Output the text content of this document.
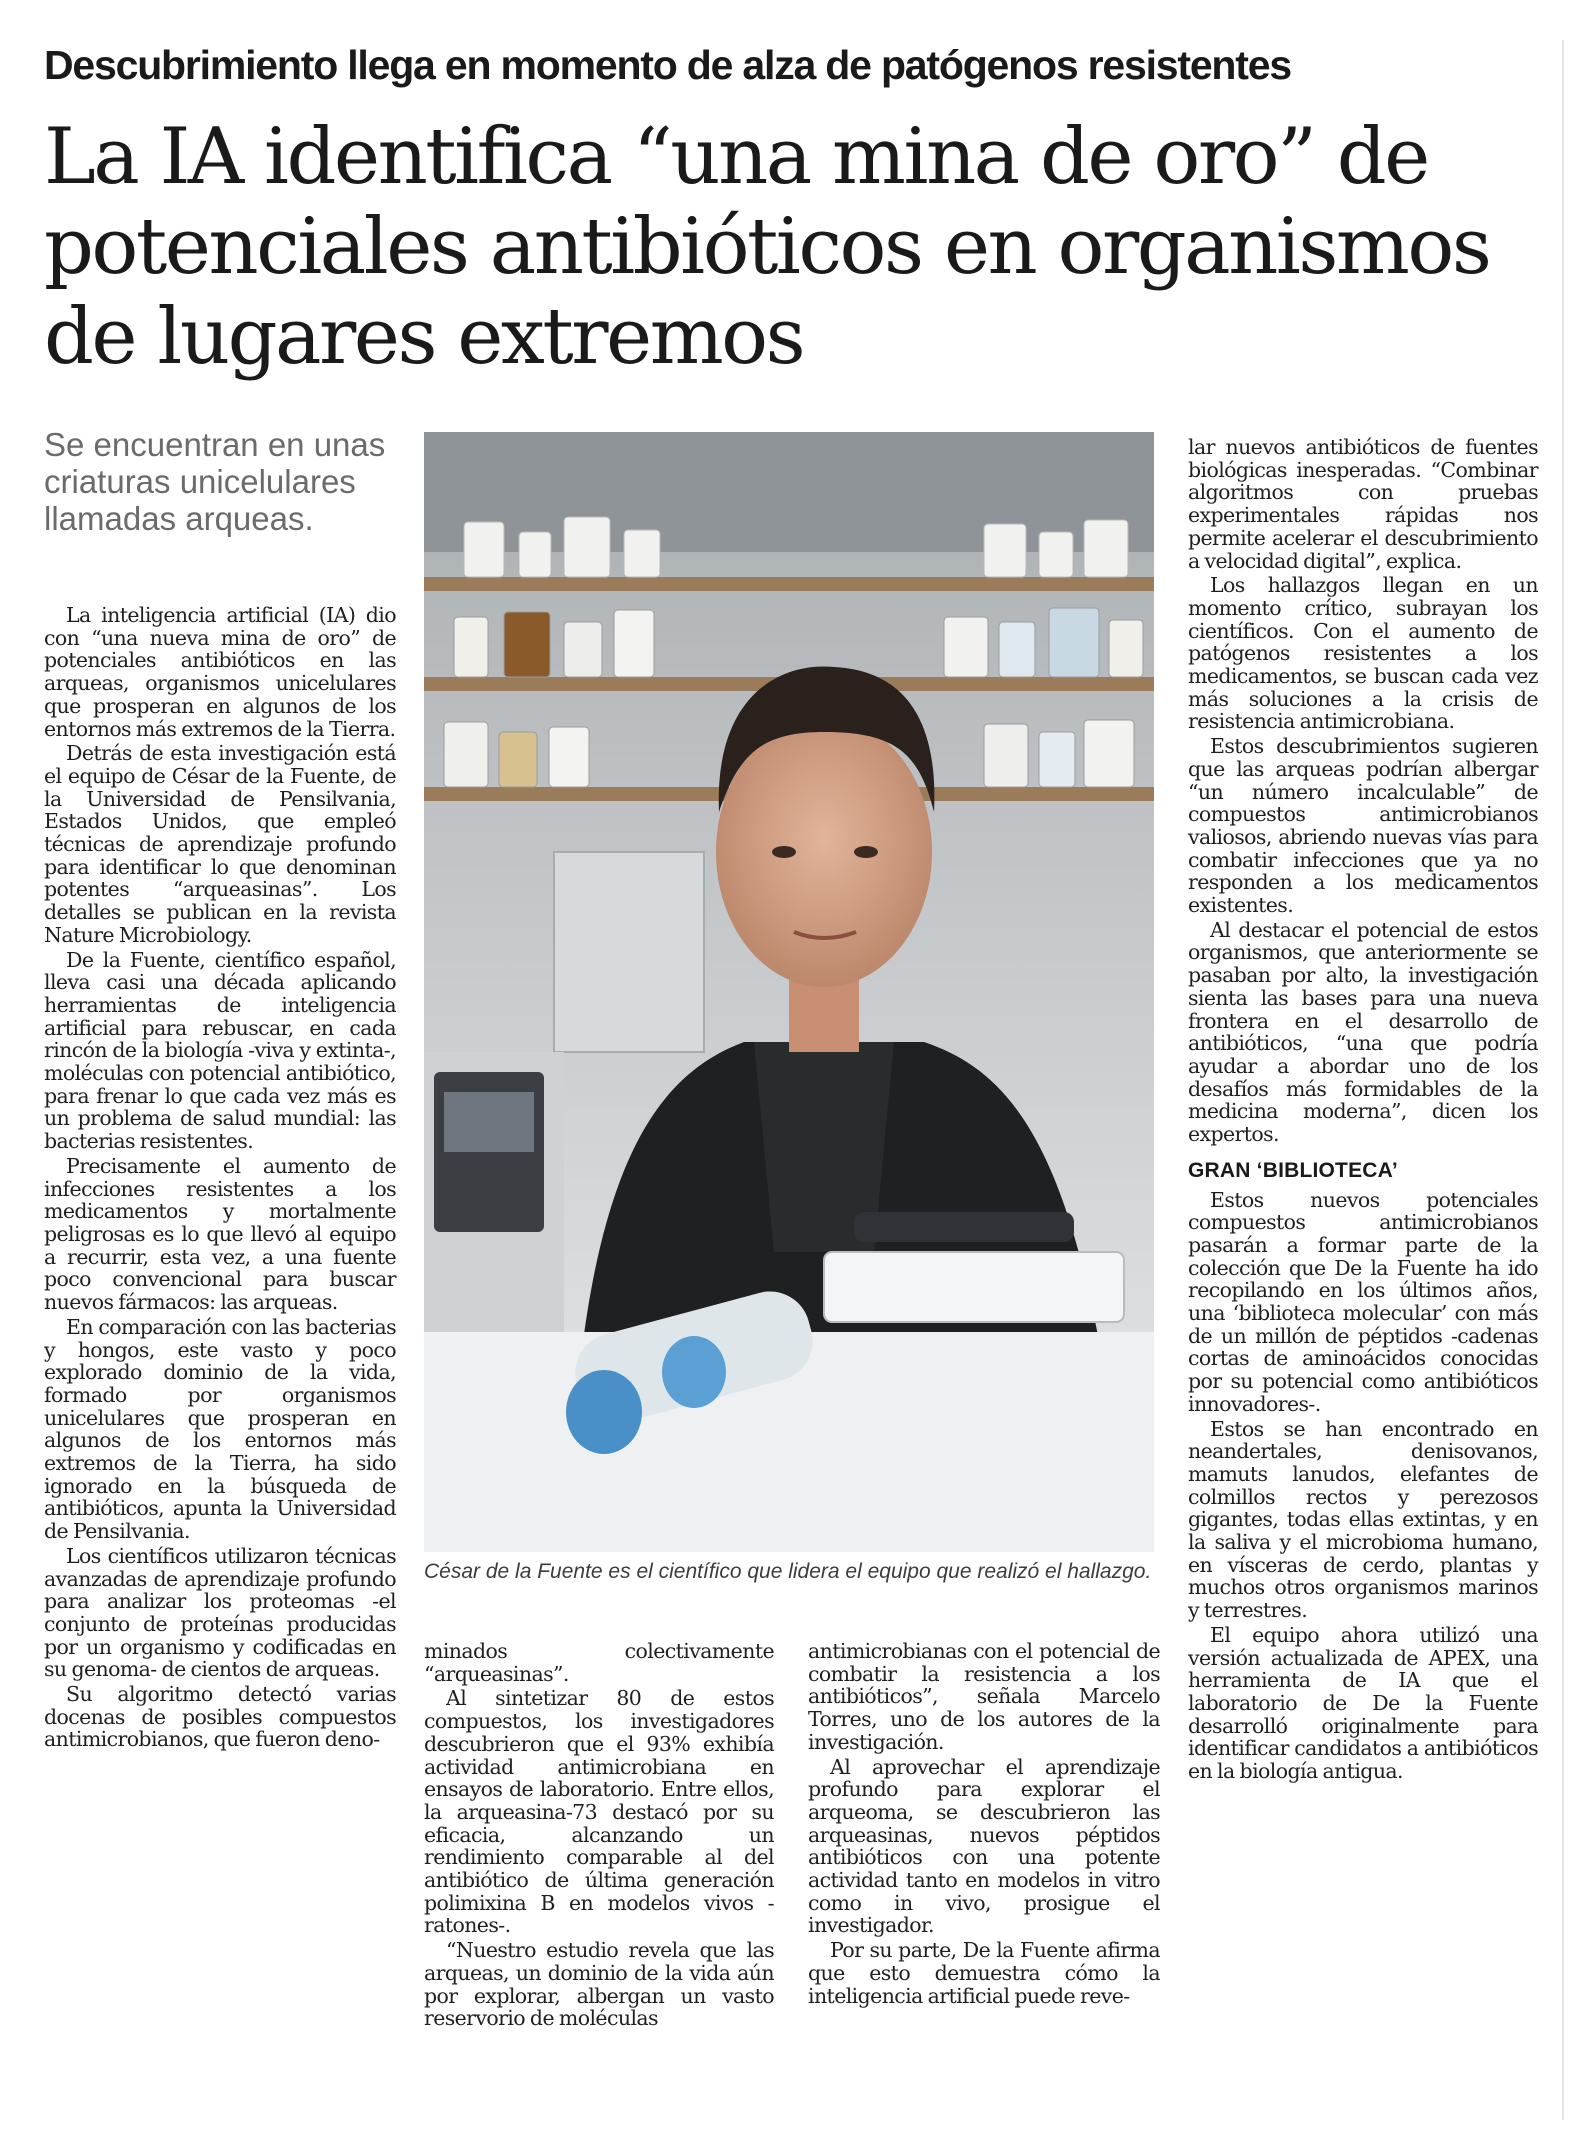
Descubrimiento llega en momento de alza de patógenos resistentes
La IA identifica “una mina de oro” de potenciales antibióticos en organismos de lugares extremos
Se encuentran en unas criaturas unicelulares llamadas arqueas.

La inteligencia artificial (IA) dio con “una nueva mina de oro” de potenciales antibióticos en las arqueas, organismos unicelulares que prosperan en algunos de los entornos más extremos de la Tierra.

Detrás de esta investigación está el equipo de César de la Fuente, de la Universidad de Pensilvania, Estados Unidos, que empleó técnicas de aprendizaje profundo para identificar lo que denominan potentes “arqueasinas”. Los detalles se publican en la revista Nature Microbiology.

De la Fuente, científico español, lleva casi una década aplicando herramientas de inteligencia artificial para rebuscar, en cada rincón de la biología -viva y extinta-, moléculas con potencial antibiótico, para frenar lo que cada vez más es un problema de salud mundial: las bacterias resistentes.

Precisamente el aumento de infecciones resistentes a los medicamentos y mortalmente peligrosas es lo que llevó al equipo a recurrir, esta vez, a una fuente poco convencional para buscar nuevos fármacos: las arqueas.

En comparación con las bacterias y hongos, este vasto y poco explorado dominio de la vida, formado por organismos unicelulares que prosperan en algunos de los entornos más extremos de la Tierra, ha sido ignorado en la búsqueda de antibióticos, apunta la Universidad de Pensilvania.

Los científicos utilizaron técnicas avanzadas de aprendizaje profundo para analizar los proteomas -el conjunto de proteínas producidas por un organismo y codificadas en su genoma- de cientos de arqueas.

Su algoritmo detectó varias docenas de posibles compuestos antimicrobianos, que fueron deno-

César de la Fuente es el científico que lidera el equipo que realizó el hallazgo.

minados colectivamente “arqueasinas”.

Al sintetizar 80 de estos compuestos, los investigadores descubrieron que el 93% exhibía actividad antimicrobiana en ensayos de laboratorio. Entre ellos, la arqueasina-73 destacó por su eficacia, alcanzando un rendimiento comparable al del antibiótico de última generación polimixina B en modelos vivos -ratones-.

“Nuestro estudio revela que las arqueas, un dominio de la vida aún por explorar, albergan un vasto reservorio de moléculas

antimicrobianas con el potencial de combatir la resistencia a los antibióticos”, señala Marcelo Torres, uno de los autores de la investigación.

Al aprovechar el aprendizaje profundo para explorar el arqueoma, se descubrieron las arqueasinas, nuevos péptidos antibióticos con una potente actividad tanto en modelos in vitro como in vivo, prosigue el investigador.

Por su parte, De la Fuente afirma que esto demuestra cómo la inteligencia artificial puede reve-

lar nuevos antibióticos de fuentes biológicas inesperadas. “Combinar algoritmos con pruebas experimentales rápidas nos permite acelerar el descubrimiento a velocidad digital”, explica.

Los hallazgos llegan en un momento crítico, subrayan los científicos. Con el aumento de patógenos resistentes a los medicamentos, se buscan cada vez más soluciones a la crisis de resistencia antimicrobiana.

Estos descubrimientos sugieren que las arqueas podrían albergar “un número incalculable” de compuestos antimicrobianos valiosos, abriendo nuevas vías para combatir infecciones que ya no responden a los medicamentos existentes.

Al destacar el potencial de estos organismos, que anteriormente se pasaban por alto, la investigación sienta las bases para una nueva frontera en el desarrollo de antibióticos, “una que podría ayudar a abordar uno de los desafíos más formidables de la medicina moderna”, dicen los expertos.

GRAN ‘BIBLIOTECA’

Estos nuevos potenciales compuestos antimicrobianos pasarán a formar parte de la colección que De la Fuente ha ido recopilando en los últimos años, una ‘biblioteca molecular’ con más de un millón de péptidos -cadenas cortas de aminoácidos conocidas por su potencial como antibióticos innovadores-.

Estos se han encontrado en neandertales, denisovanos, mamuts lanudos, elefantes de colmillos rectos y perezosos gigantes, todas ellas extintas, y en la saliva y el microbioma humano, en vísceras de cerdo, plantas y muchos otros organismos marinos y terrestres.

El equipo ahora utilizó una versión actualizada de APEX, una herramienta de IA que el laboratorio de De la Fuente desarrolló originalmente para identificar candidatos a antibióticos en la biología antigua.
